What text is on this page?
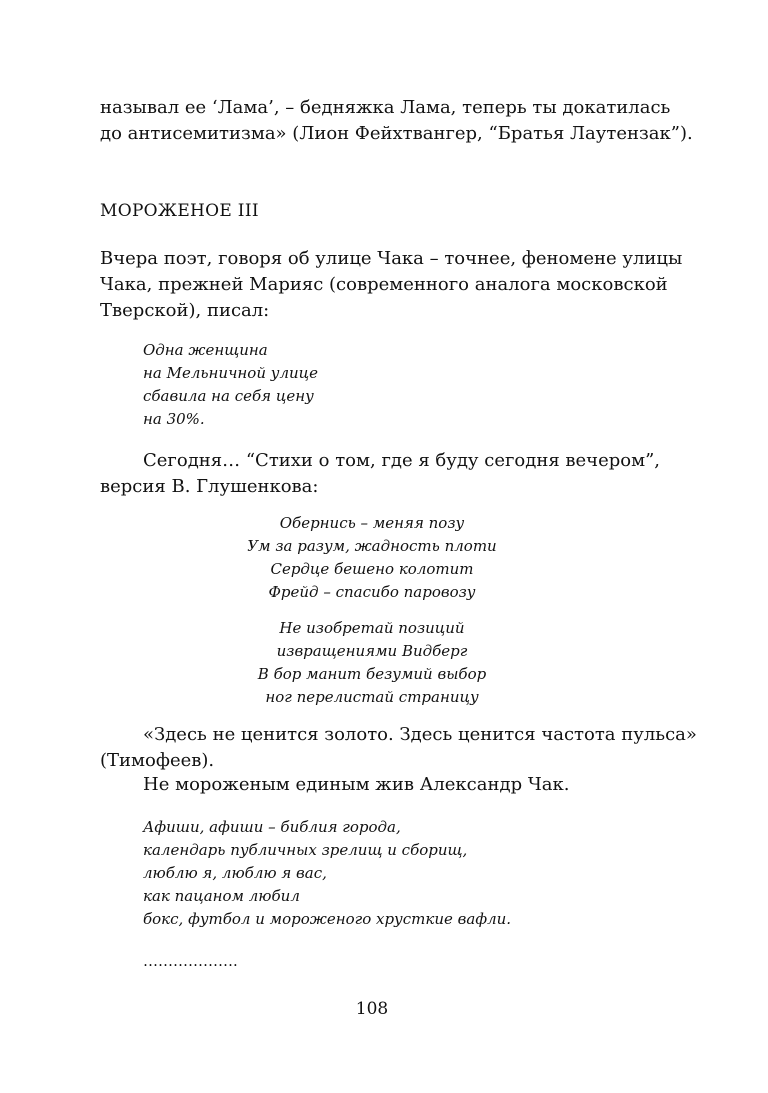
называл ее ‘Лама’, – бедняжка Лама, теперь ты докатилась
до антисемитизма» (Лион Фейхтвангер, “Братья Лаутензак”).
МОРОЖЕНОЕ III
Вчера поэт, говоря об улице Чака – точнее, феномене улицы
Чака, прежней Марияс (современного аналога московской
Тверской), писал:
Одна женщина
на Мельничной улице
сбавила на себя цену
на 30%.
Сегодня… “Стихи о том, где я буду сегодня вечером”,
версия В. Глушенкова:
Обернись – меняя позу
Ум за разум, жадность плоти
Сердце бешено колотит
Фрейд – спасибо паровозу
Не изобретай позиций
извращениями Видберг
В бор манит безумий выбор
ног перелистай страницу
«Здесь не ценится золото. Здесь ценится частота пульса»
(Тимофеев).
Не мороженым единым жив Александр Чак.
Афиши, афиши – библия города,
календарь публичных зрелищ и сборищ,
люблю я, люблю я вас,
как пацаном любил
бокс, футбол и мороженого хрусткие вафли.
……………….
108
